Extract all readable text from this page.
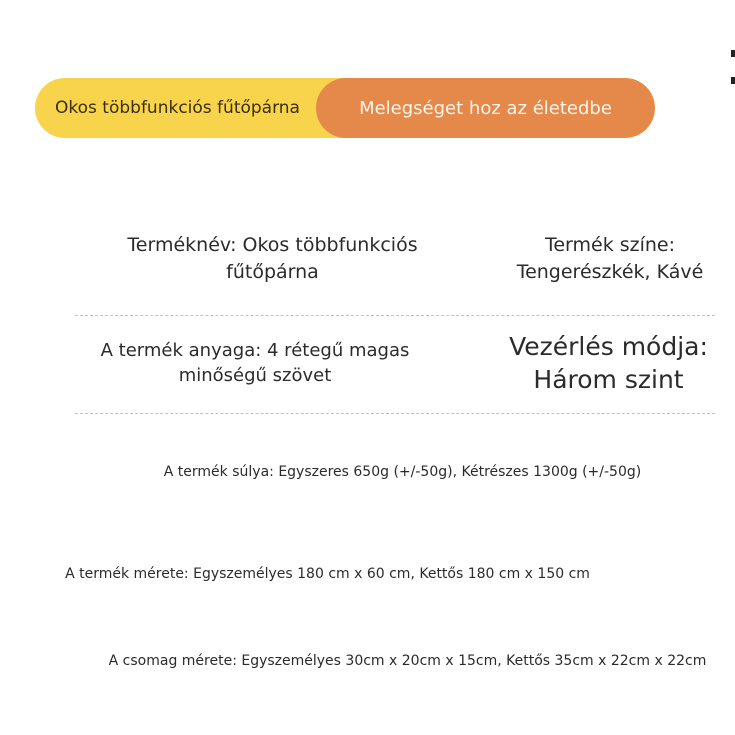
Okos többfunkciós fűtőpárna	Melegséget hoz az életedbe
Terméknév: Okos többfunkciós fűtőpárna
Termék színe: Tengerészkék, Kávé
A termék anyaga: 4 rétegű magas minőségű szövet
Vezérlés módja: Három szint
A termék súlya: Egyszeres 650g (+/-50g), Kétrészes 1300g (+/-50g)
A termék mérete: Egyszemélyes 180 cm x 60 cm, Kettős 180 cm x 150 cm
A csomag mérete: Egyszemélyes 30cm x 20cm x 15cm, Kettős 35cm x 22cm x 22cm
